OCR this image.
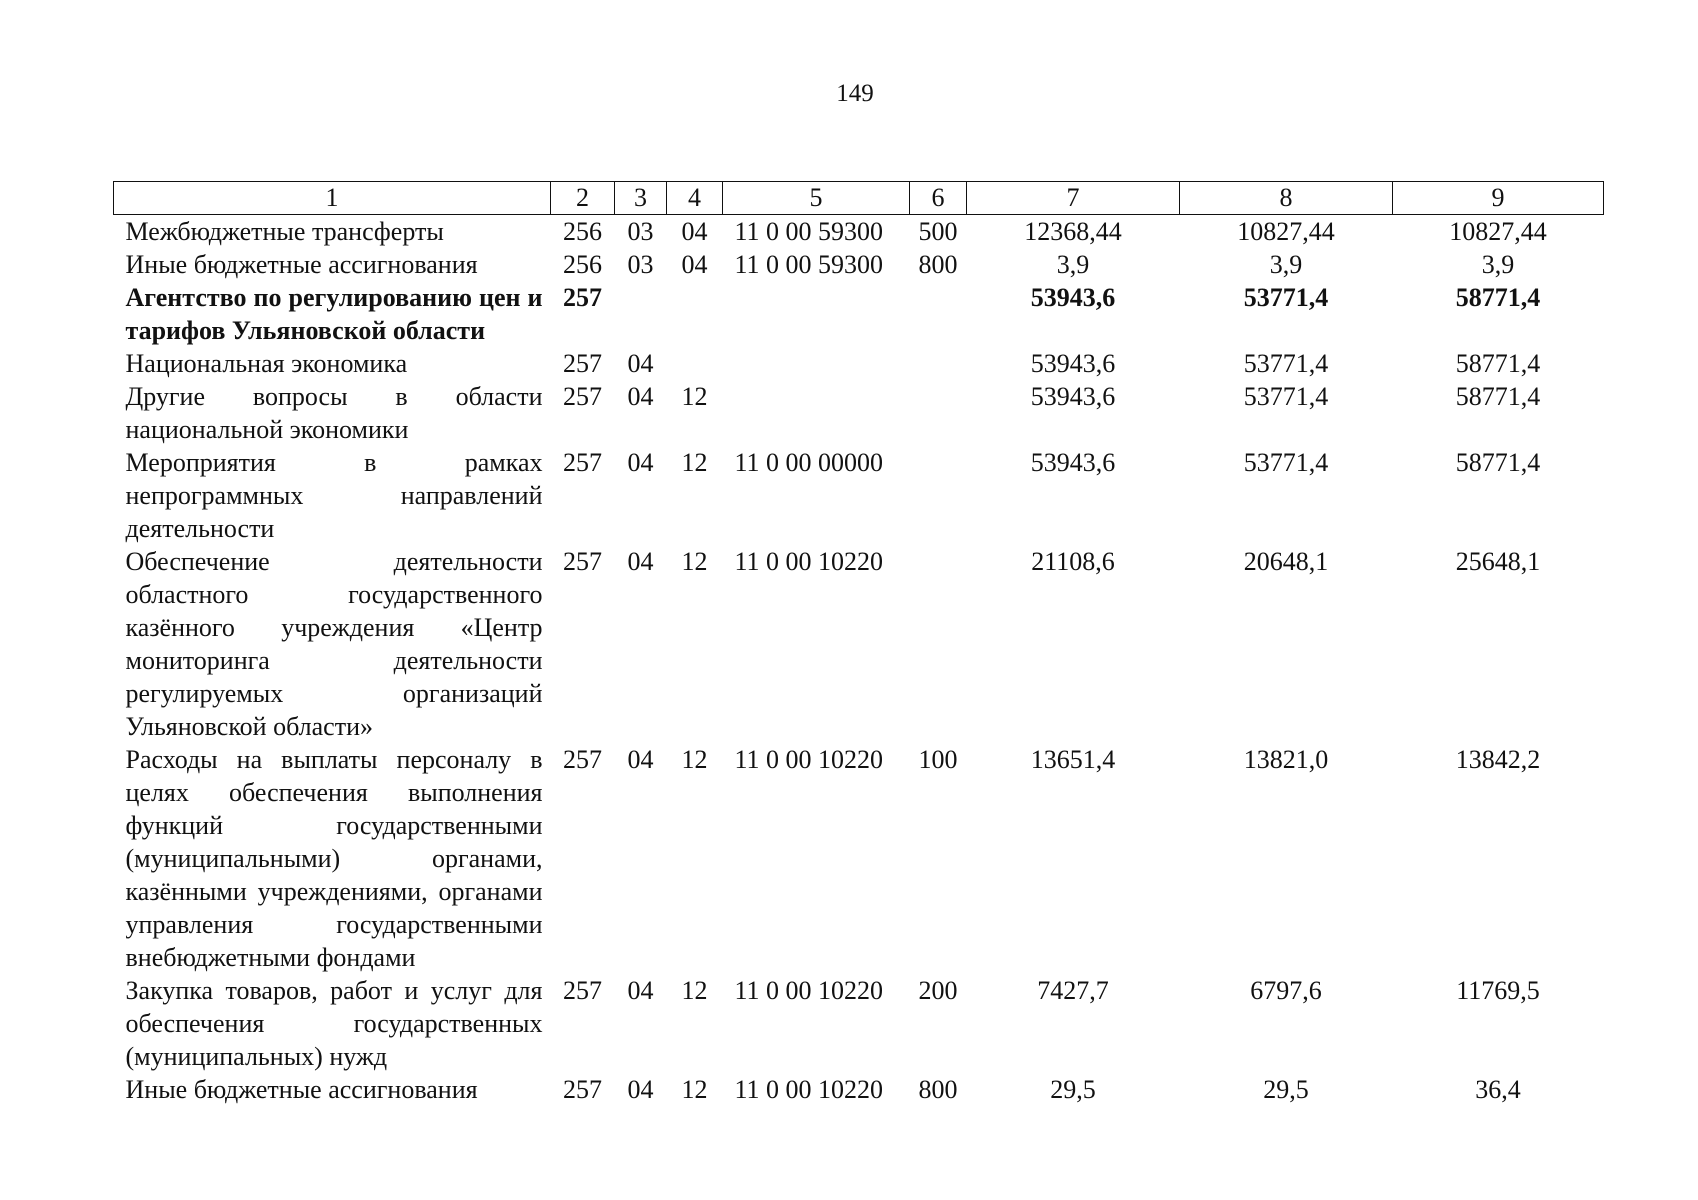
149
1	2	3	4	5	6	7	8	9
Межбюджетные трансферты	256	03	04	11 0 00 59300	500	12368,44	10827,44	10827,44
Иные бюджетные ассигнования	256	03	04	11 0 00 59300	800	3,9	3,9	3,9
Агентство по регулированию цен и тарифов Ульяновской области	257					53943,6	53771,4	58771,4
Национальная экономика	257	04				53943,6	53771,4	58771,4
Другие вопросы в области национальной экономики	257	04	12			53943,6	53771,4	58771,4
Мероприятия в рамках непрограммных направлений деятельности	257	04	12	11 0 00 00000		53943,6	53771,4	58771,4
Обеспечение деятельности областного государственного казённого учреждения «Центр мониторинга деятельности регулируемых организаций Ульяновской области»	257	04	12	11 0 00 10220		21108,6	20648,1	25648,1
Расходы на выплаты персоналу в целях обеспечения выполнения функций государственными (муниципальными) органами, казёнными учреждениями, органами управления государственными внебюджетными фондами	257	04	12	11 0 00 10220	100	13651,4	13821,0	13842,2
Закупка товаров, работ и услуг для обеспечения государственных (муниципальных) нужд	257	04	12	11 0 00 10220	200	7427,7	6797,6	11769,5
Иные бюджетные ассигнования	257	04	12	11 0 00 10220	800	29,5	29,5	36,4
